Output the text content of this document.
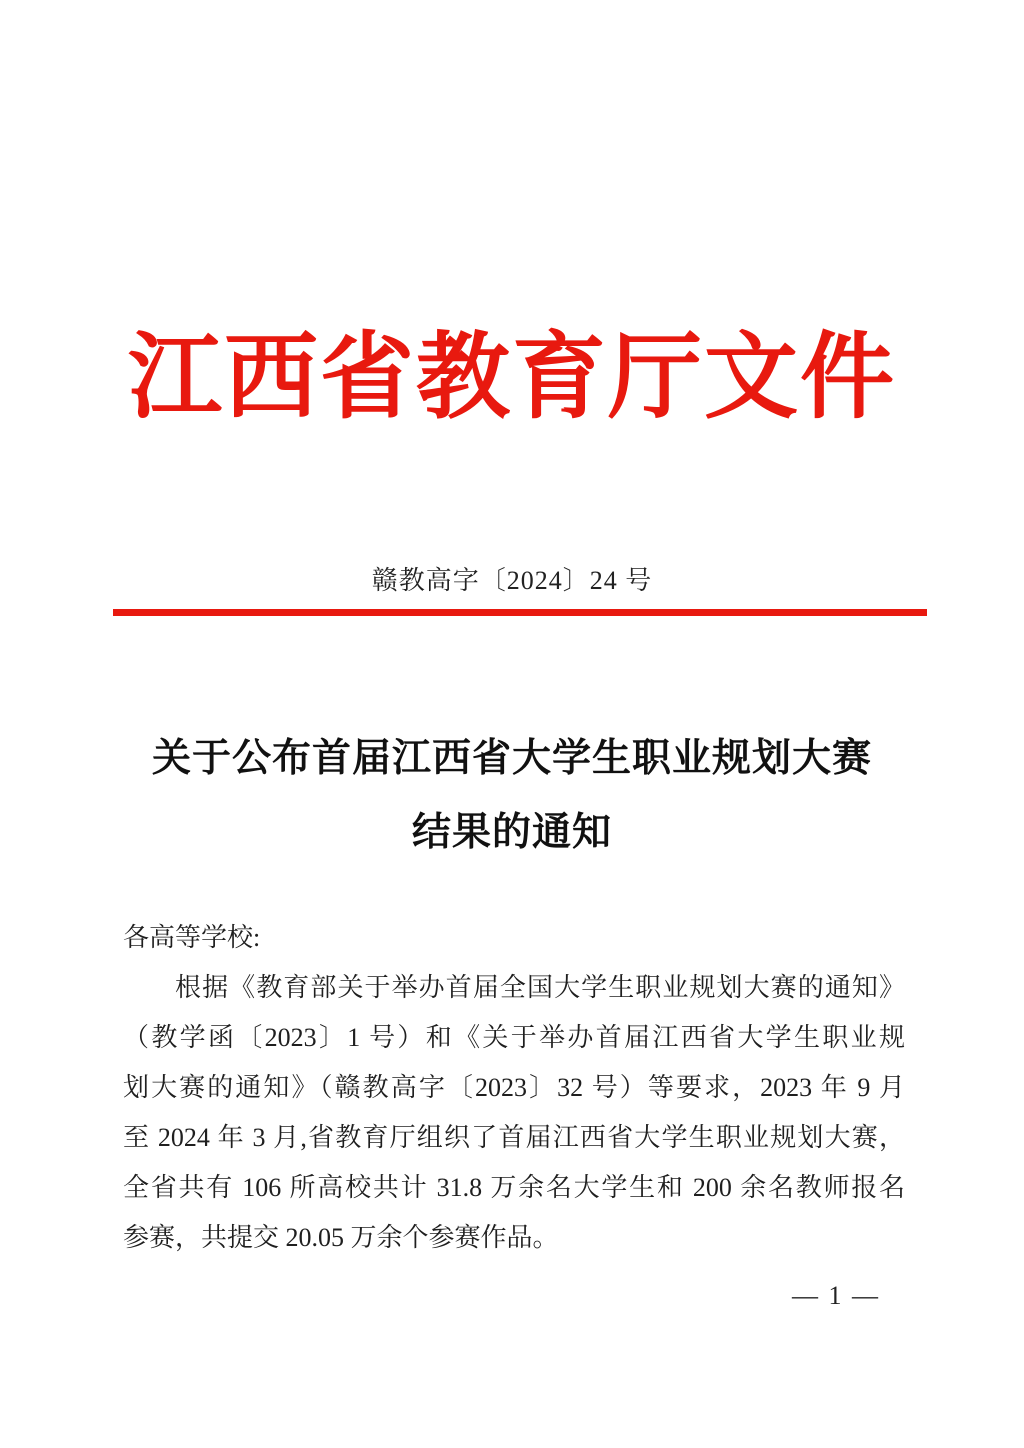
江西省教育厅文件
赣教高字〔2024〕24 号
关于公布首届江西省大学生职业规划大赛
结果的通知
各高等学校:
根据《教育部关于举办首届全国大学生职业规划大赛的通知》
（教学函〔2023〕1 号）和《关于举办首届江西省大学生职业规
划大赛的通知》（赣教高字〔2023〕32 号）等要求，2023 年 9 月
至 2024 年 3 月,省教育厅组织了首届江西省大学生职业规划大赛，
全省共有 106 所高校共计 31.8 万余名大学生和 200 余名教师报名
参赛，共提交 20.05 万余个参赛作品。
— 1 —
